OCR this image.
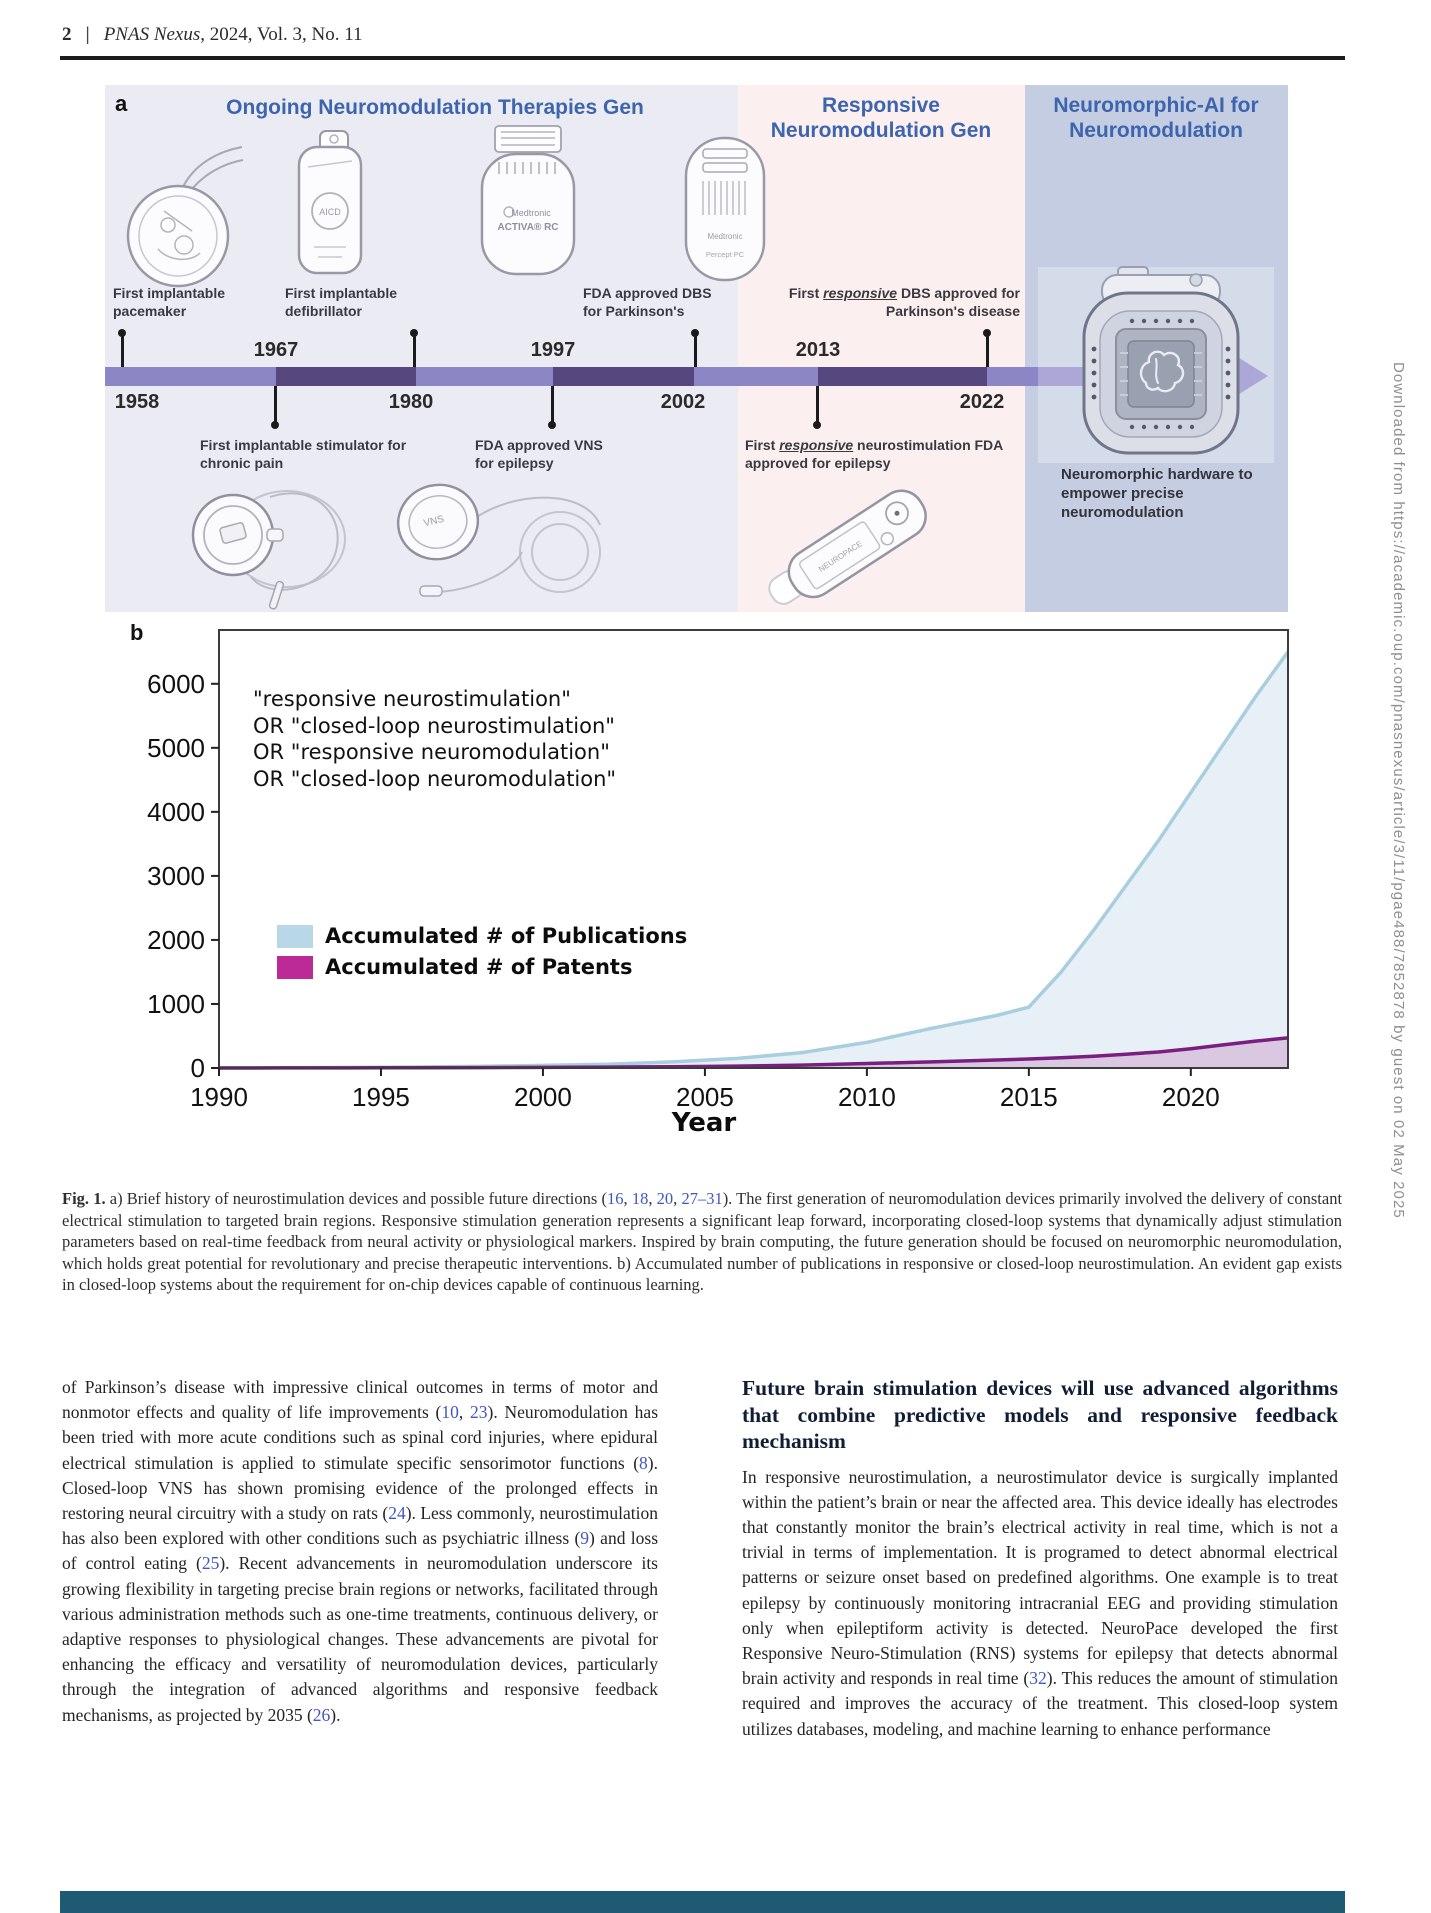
2 | PNAS Nexus, 2024, Vol. 3, No. 11
a	Ongoing Neuromodulation Therapies Gen	Responsive Neuromodulation Gen
Neuromorphic-AI for Neuromodulation
AICD	Medtronic
ACTIVA® RC
Medtronic
Percept PC
First implantable pacemaker
First implantable defibrillator
FDA approved DBS for Parkinson's
First responsive DBS approved for Parkinson's disease
1967	1997	2013
1958	1980	2002	2022
First implantable stimulator for chronic pain
FDA approved VNS for epilepsy
First responsive neurostimulation FDA approved for epilepsy
VNS
NEUROPACE
Neuromorphic hardware to empower precise neuromodulation
b
0
1000
2000
3000
4000
5000
6000
1990	1995	2000	2005	2010	2015	2020
"responsive neurostimulation"
OR "closed-loop neurostimulation"
OR "responsive neuromodulation"
OR "closed-loop neuromodulation"
Accumulated # of Publications
Accumulated # of Patents
Year
Fig. 1. a) Brief history of neurostimulation devices and possible future directions (16, 18, 20, 27–31). The first generation of neuromodulation devices primarily involved the delivery of constant electrical stimulation to targeted brain regions. Responsive stimulation generation represents a significant leap forward, incorporating closed-loop systems that dynamically adjust stimulation parameters based on real-time feedback from neural activity or physiological markers. Inspired by brain computing, the future generation should be focused on neuromorphic neuromodulation, which holds great potential for revolutionary and precise therapeutic interventions. b) Accumulated number of publications in responsive or closed-loop neurostimulation. An evident gap exists in closed-loop systems about the requirement for on-chip devices capable of continuous learning.
of Parkinson’s disease with impressive clinical outcomes in terms of motor and nonmotor effects and quality of life improvements (10, 23). Neuromodulation has been tried with more acute conditions such as spinal cord injuries, where epidural electrical stimulation is applied to stimulate specific sensorimotor functions (8). Closed-loop VNS has shown promising evidence of the prolonged effects in restoring neural circuitry with a study on rats (24). Less commonly, neurostimulation has also been explored with other conditions such as psychiatric illness (9) and loss of control eating (25). Recent advancements in neuromodulation underscore its growing flexibility in targeting precise brain regions or networks, facilitated through various administration methods such as one-time treatments, continuous delivery, or adaptive responses to physiological changes. These advancements are pivotal for enhancing the efficacy and versatility of neuromodulation devices, particularly through the integration of advanced algorithms and responsive feedback mechanisms, as projected by 2035 (26).
Future brain stimulation devices will use advanced algorithms that combine predictive models and responsive feedback mechanism
In responsive neurostimulation, a neurostimulator device is surgically implanted within the patient’s brain or near the affected area. This device ideally has electrodes that constantly monitor the brain’s electrical activity in real time, which is not a trivial in terms of implementation. It is programed to detect abnormal electrical patterns or seizure onset based on predefined algorithms. One example is to treat epilepsy by continuously monitoring intracranial EEG and providing stimulation only when epileptiform activity is detected. NeuroPace developed the first Responsive Neuro-Stimulation (RNS) systems for epilepsy that detects abnormal brain activity and responds in real time (32). This reduces the amount of stimulation required and improves the accuracy of the treatment. This closed-loop system utilizes databases, modeling, and machine learning to enhance performance
Downloaded from https://academic.oup.com/pnasnexus/article/3/11/pgae488/7852878 by guest on 02 May 2025
